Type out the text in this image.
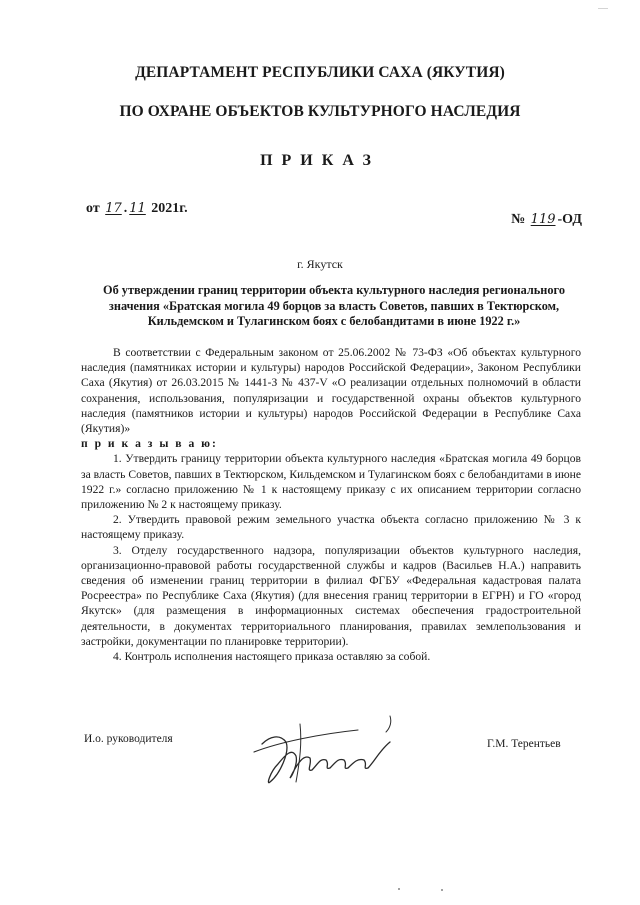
ДЕПАРТАМЕНТ РЕСПУБЛИКИ САХА (ЯКУТИЯ)
ПО ОХРАНЕ ОБЪЕКТОВ КУЛЬТУРНОГО НАСЛЕДИЯ
ПРИКАЗ
от 17 . 11 2021г.
№ 119 -ОД
г. Якутск
Об утверждении границ территории объекта культурного наследия регионального значения «Братская могила 49 борцов за власть Советов, павших в Тектюрском, Кильдемском и Тулагинском боях с белобандитами в июне 1922 г.»

В соответствии с Федеральным законом от 25.06.2002 № 73-ФЗ «Об объектах культурного наследия (памятниках истории и культуры) народов Российской Федерации», Законом Республики Саха (Якутия) от 26.03.2015 № 1441-З № 437-V «О реализации отдельных полномочий в области сохранения, использования, популяризации и государственной охраны объектов культурного наследия (памятников истории и культуры) народов Российской Федерации в Республике Саха (Якутия)»

п р и к а з ы в а ю:

1. Утвердить границу территории объекта культурного наследия «Братская могила 49 борцов за власть Советов, павших в Тектюрском, Кильдемском и Тулагинском боях с белобандитами в июне 1922 г.» согласно приложению № 1 к настоящему приказу с их описанием территории согласно приложению № 2 к настоящему приказу.

2. Утвердить правовой режим земельного участка объекта согласно приложению № 3 к настоящему приказу.

3. Отделу государственного надзора, популяризации объектов культурного наследия, организационно-правовой работы государственной службы и кадров (Васильев Н.А.) направить сведения об изменении границ территории в филиал ФГБУ «Федеральная кадастровая палата Росреестра» по Республике Саха (Якутия) (для внесения границ территории в ЕГРН) и ГО «город Якутск» (для размещения в информационных системах обеспечения градостроительной деятельности, в документах территориального планирования, правилах землепользования и застройки, документации по планировке территории).

4. Контроль исполнения настоящего приказа оставляю за собой.

И.о. руководителя	Г.М. Терентьев
